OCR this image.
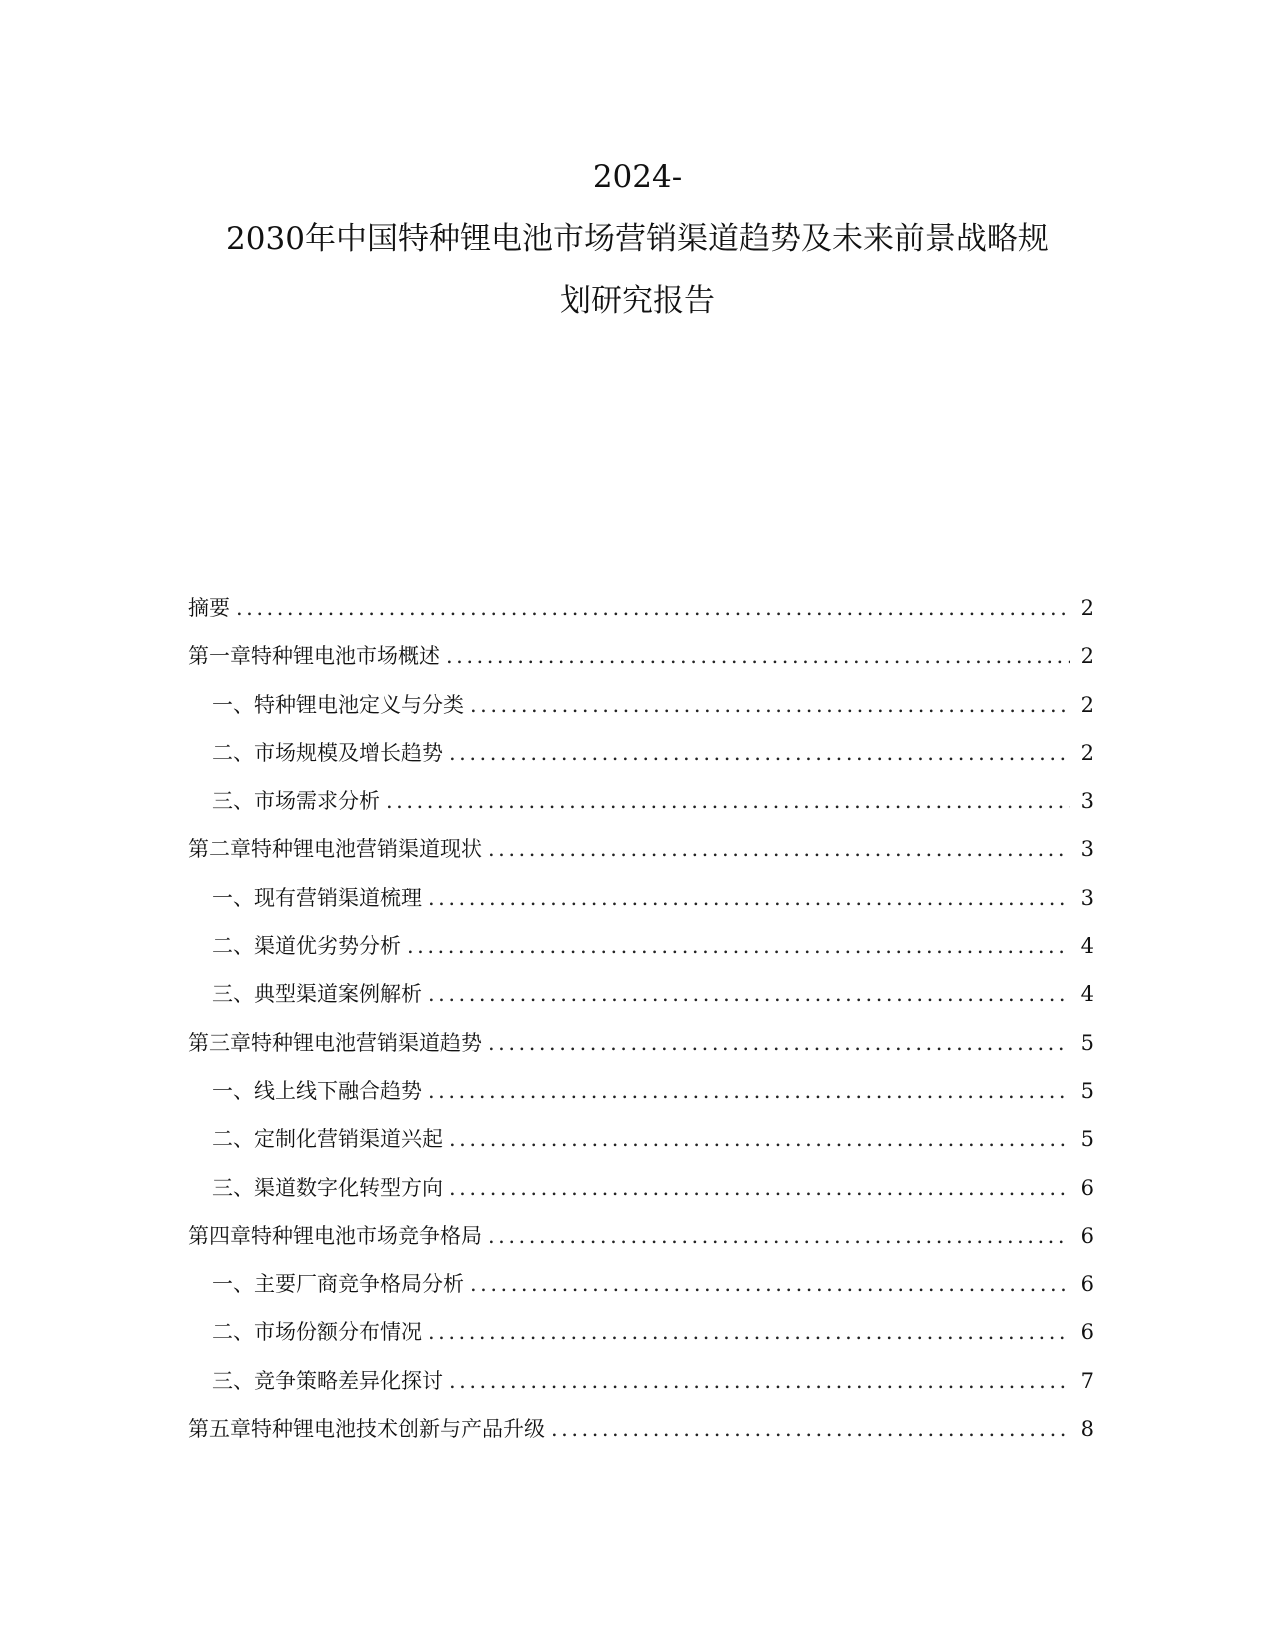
2024-
2030年中国特种锂电池市场营销渠道趋势及未来前景战略规
划研究报告
摘要 .....	2
第一章 特种锂电池市场概述 .....	2
一、 特种锂电池定义与分类 .....	2
二、 市场规模及增长趋势 .....	2
三、 市场需求分析 .....	3
第二章 特种锂电池营销渠道现状 .....	3
一、 现有营销渠道梳理 .....	3
二、 渠道优劣势分析 .....	4
三、 典型渠道案例解析 .....	4
第三章 特种锂电池营销渠道趋势 .....	5
一、 线上线下融合趋势 .....	5
二、 定制化营销渠道兴起 .....	5
三、 渠道数字化转型方向 .....	6
第四章 特种锂电池市场竞争格局 .....	6
一、 主要厂商竞争格局分析 .....	6
二、 市场份额分布情况 .....	6
三、 竞争策略差异化探讨 .....	7
第五章 特种锂电池技术创新与产品升级 .....	8
